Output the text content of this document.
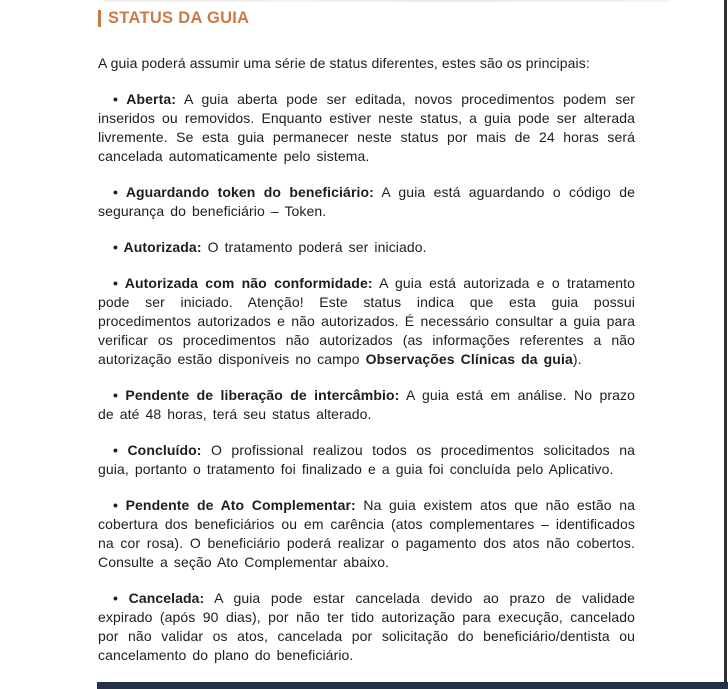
STATUS DA GUIA

A guia poderá assumir uma série de status diferentes, estes são os principais:

• Aberta: A guia aberta pode ser editada, novos procedimentos podem ser inseridos ou removidos. Enquanto estiver neste status, a guia pode ser alterada livremente. Se esta guia permanecer neste status por mais de 24 horas será cancelada automaticamente pelo sistema.

• Aguardando token do beneficiário: A guia está aguardando o código de segurança do beneficiário – Token.

• Autorizada: O tratamento poderá ser iniciado.

• Autorizada com não conformidade: A guia está autorizada e o tratamento pode ser iniciado. Atenção! Este status indica que esta guia possui procedimentos autorizados e não autorizados. É necessário consultar a guia para verificar os procedimentos não autorizados (as informações referentes a não autorização estão disponíveis no campo Observações Clínicas da guia).

• Pendente de liberação de intercâmbio: A guia está em análise. No prazo de até 48 horas, terá seu status alterado.

• Concluído: O profissional realizou todos os procedimentos solicitados na guia, portanto o tratamento foi finalizado e a guia foi concluída pelo Aplicativo.

• Pendente de Ato Complementar: Na guia existem atos que não estão na cobertura dos beneficiários ou em carência (atos complementares – identificados na cor rosa). O beneficiário poderá realizar o pagamento dos atos não cobertos. Consulte a seção Ato Complementar abaixo.

• Cancelada: A guia pode estar cancelada devido ao prazo de validade expirado (após 90 dias), por não ter tido autorização para execução, cancelado por não validar os atos, cancelada por solicitação do beneficiário/dentista ou cancelamento do plano do beneficiário.
